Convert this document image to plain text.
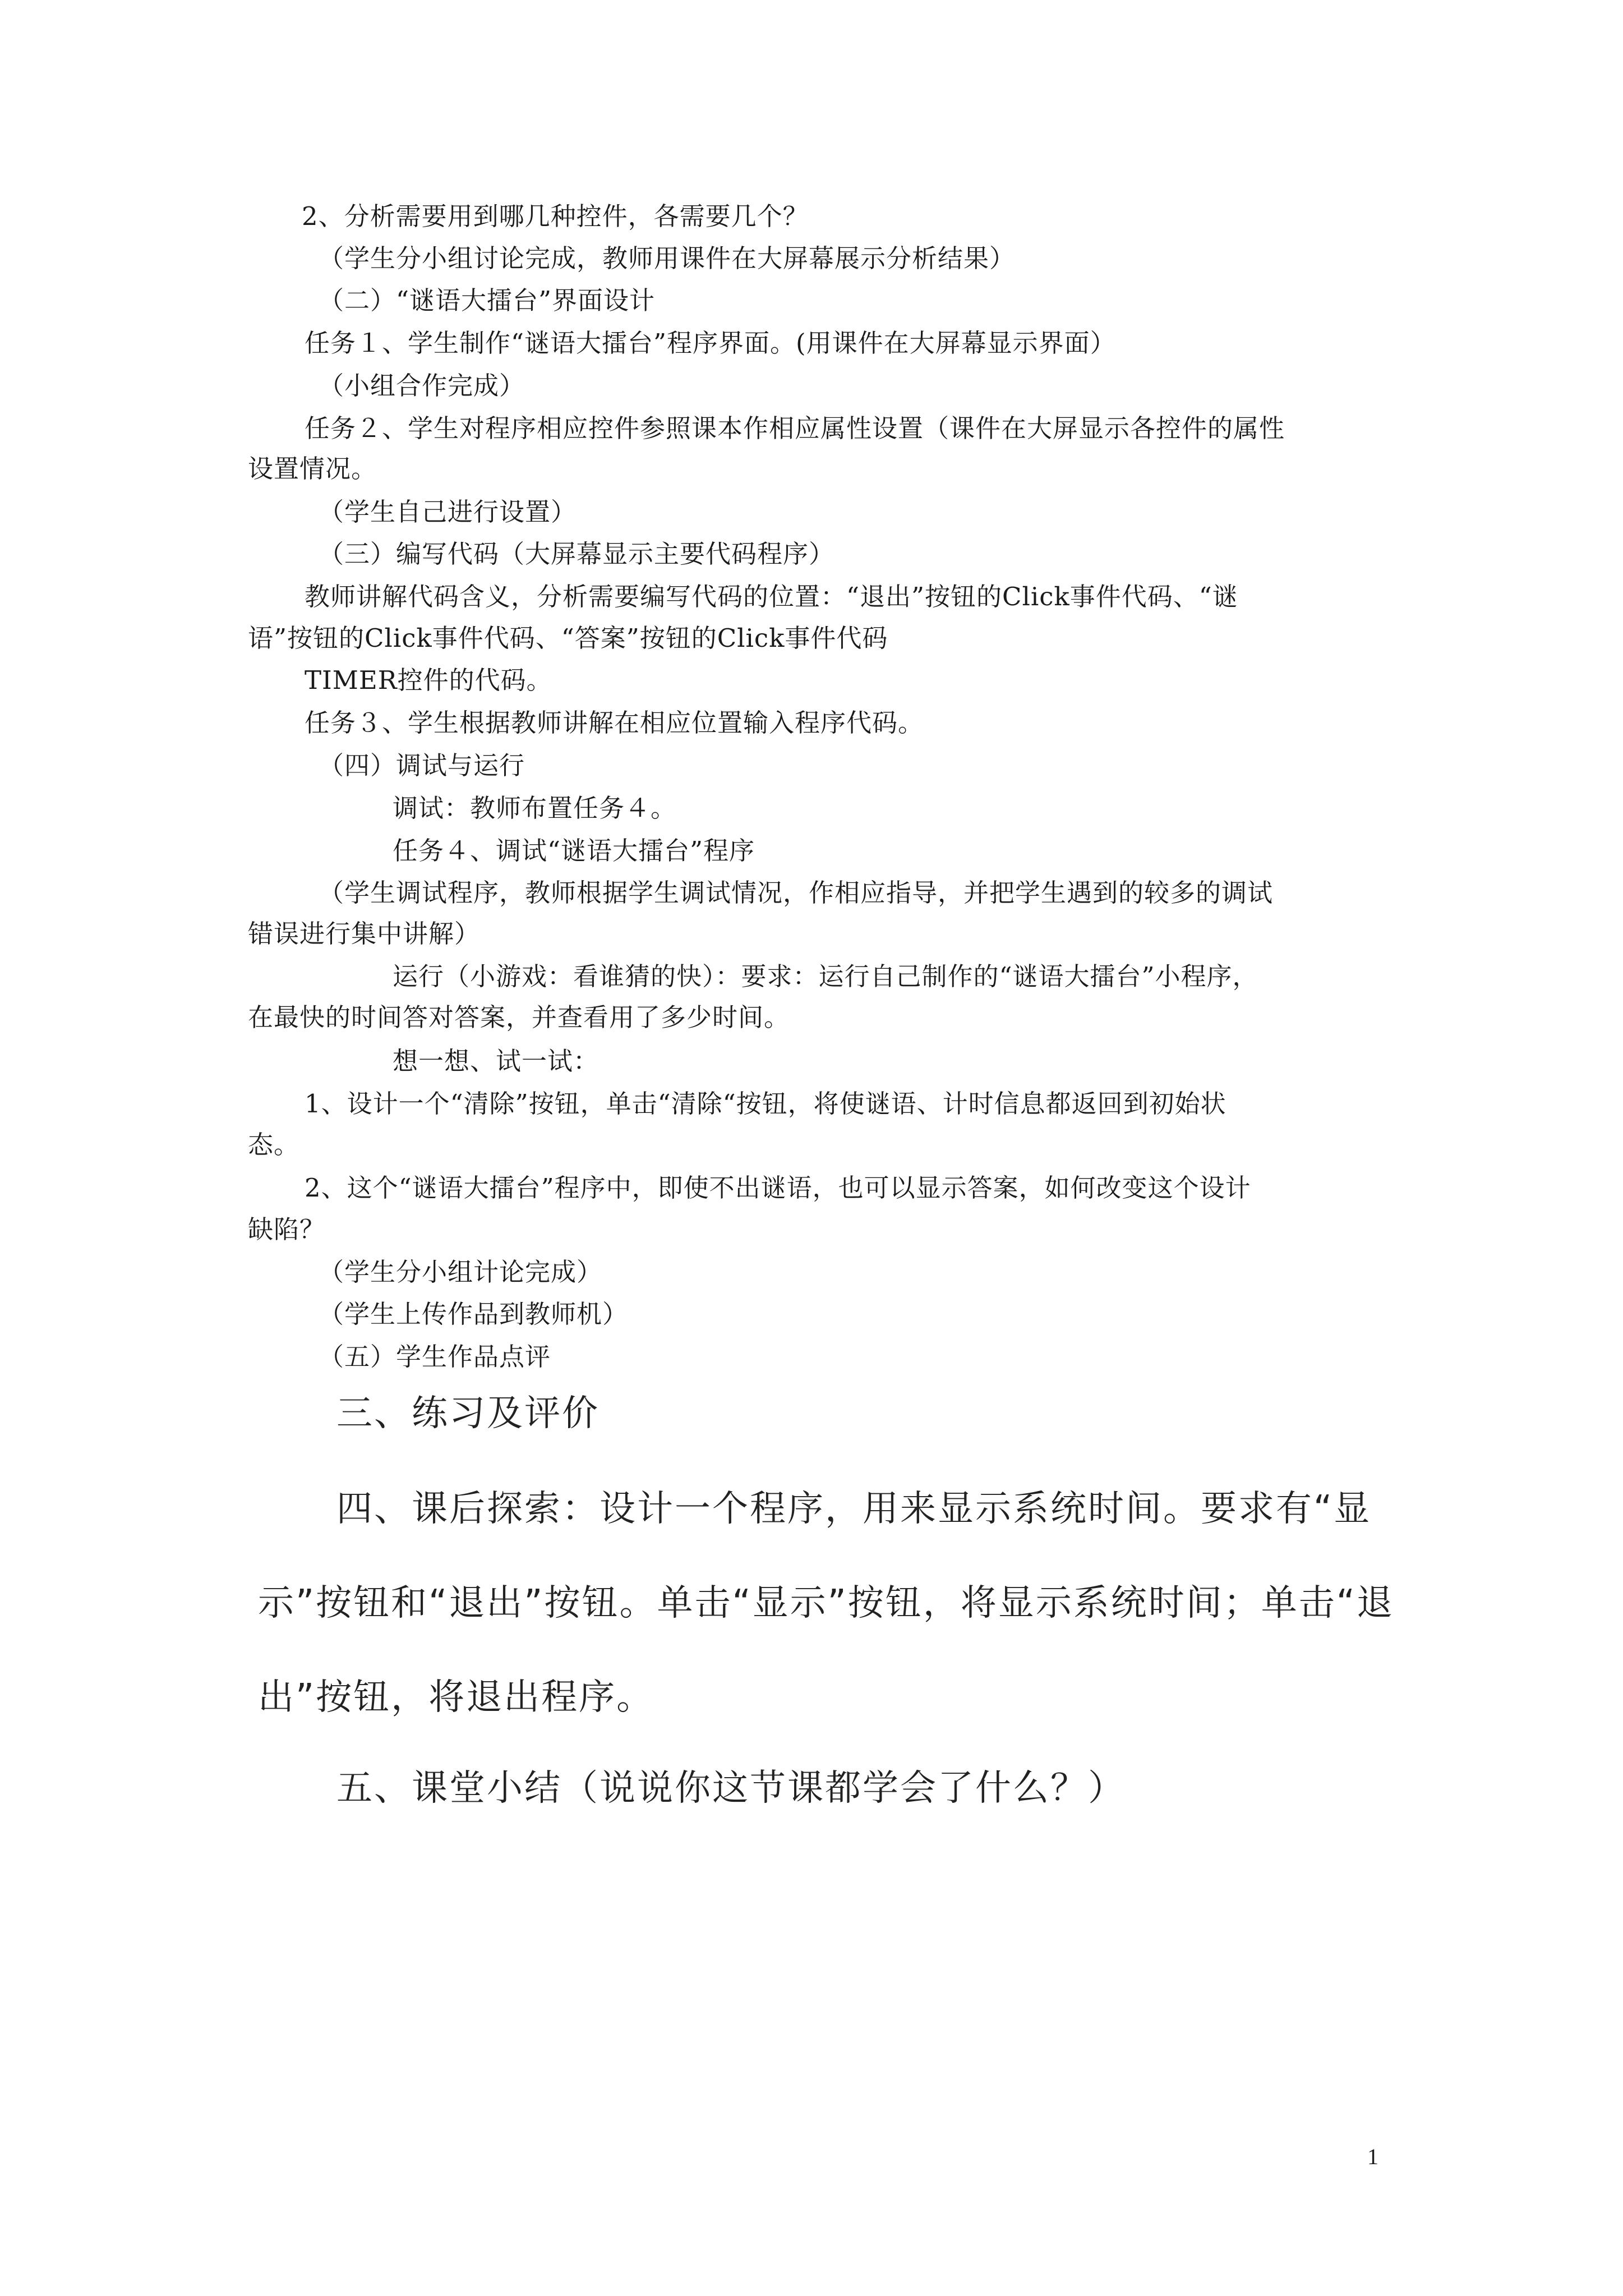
2、分析需要用到哪几种控件，各需要几个？
（学生分小组讨论完成，教师用课件在大屏幕展示分析结果）
（二）“谜语大擂台”界面设计
任务１、学生制作“谜语大擂台”程序界面。(用课件在大屏幕显示界面）
（小组合作完成）
任务２、学生对程序相应控件参照课本作相应属性设置（课件在大屏显示各控件的属性
设置情况。
（学生自己进行设置）
（三）编写代码（大屏幕显示主要代码程序）
教师讲解代码含义，分析需要编写代码的位置：“退出”按钮的Click事件代码、“谜
语”按钮的Click事件代码、“答案”按钮的Click事件代码
TIMER控件的代码。
任务３、学生根据教师讲解在相应位置输入程序代码。
（四）调试与运行
调试：教师布置任务４。
任务４、调试“谜语大擂台”程序
（学生调试程序，教师根据学生调试情况，作相应指导，并把学生遇到的较多的调试
错误进行集中讲解）
运行（小游戏：看谁猜的快）：要求：运行自己制作的“谜语大擂台”小程序，
在最快的时间答对答案，并查看用了多少时间。
想一想、试一试：
1、设计一个“清除”按钮，单击“清除“按钮，将使谜语、计时信息都返回到初始状
态。
2、这个“谜语大擂台”程序中，即使不出谜语，也可以显示答案，如何改变这个设计
缺陷？
（学生分小组计论完成）
（学生上传作品到教师机）
（五）学生作品点评
三、练习及评价
四、课后探索：设计一个程序，用来显示系统时间。要求有“显
示”按钮和“退出”按钮。单击“显示”按钮，将显示系统时间；单击“退
出”按钮，将退出程序。
五、课堂小结（说说你这节课都学会了什么？）
1
